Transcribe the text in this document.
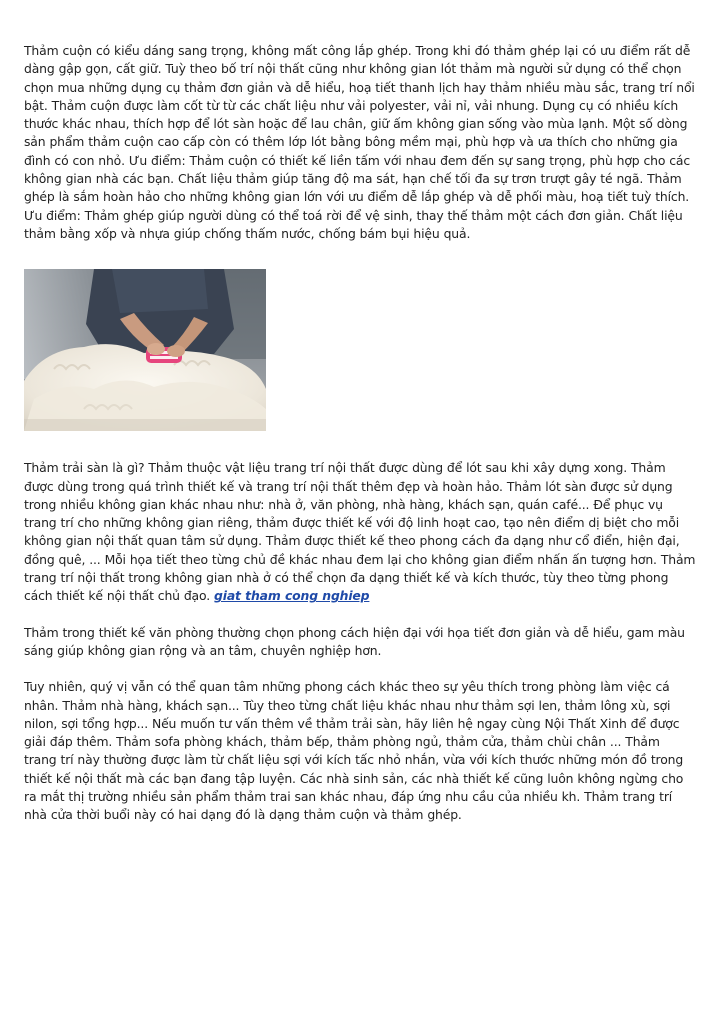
Thảm cuộn có kiểu dáng sang trọng, không mất công lắp ghép. Trong khi đó thảm ghép lại có ưu điểm rất dễ dàng gập gọn, cất giữ. Tuỳ theo bố trí nội thất cũng như không gian lót thảm mà người sử dụng có thể chọn chọn mua những dụng cụ thảm đơn giản và dễ hiểu, hoạ tiết thanh lịch hay thảm nhiều màu sắc, trang trí nổi bật. Thảm cuộn được làm cốt từ từ các chất liệu như vải polyester, vải nỉ, vải nhung. Dụng cụ có nhiều kích thước khác nhau, thích hợp để lót sàn hoặc để lau chân, giữ ấm không gian sống vào mùa lạnh. Một số dòng sản phẩm thảm cuộn cao cấp còn có thêm lớp lót bằng bông mềm mại, phù hợp và ưa thích cho những gia đình có con nhỏ. Ưu điểm: Thảm cuộn có thiết kế liền tấm với nhau đem đến sự sang trọng, phù hợp cho các không gian nhà các bạn. Chất liệu thảm giúp tăng độ ma sát, hạn chế tối đa sự trơn trượt gây té ngã. Thảm ghép là sắm hoàn hảo cho những không gian lớn với ưu điểm dễ lắp ghép và dễ phối màu, hoạ tiết tuỳ thích. Ưu điểm: Thảm ghép giúp người dùng có thể toá rời để vệ sinh, thay thế thảm một cách đơn giản. Chất liệu thảm bằng xốp và nhựa giúp chống thấm nước, chống bám bụi hiệu quả.

Thảm trải sàn là gì? Thảm thuộc vật liệu trang trí nội thất được dùng để lót sau khi xây dựng xong. Thảm được dùng trong quá trình thiết kế và trang trí nội thất thêm đẹp và hoàn hảo. Thảm lót sàn được sử dụng trong nhiều không gian khác nhau như: nhà ở, văn phòng, nhà hàng, khách sạn, quán café... Để phục vụ trang trí cho những không gian riêng, thảm được thiết kế với độ linh hoạt cao, tạo nên điểm dị biệt cho mỗi không gian nội thất quan tâm sử dụng. Thảm được thiết kế theo phong cách đa dạng như cổ điển, hiện đại, đồng quê, ... Mỗi họa tiết theo từng chủ đề khác nhau đem lại cho không gian điểm nhấn ấn tượng hơn. Thảm trang trí nội thất trong không gian nhà ở có thể chọn đa dạng thiết kế và kích thước, tùy theo từng phong cách thiết kế nội thất chủ đạo. giat tham cong nghiep

Thảm trong thiết kế văn phòng thường chọn phong cách hiện đại với họa tiết đơn giản và dễ hiểu, gam màu sáng giúp không gian rộng và an tâm, chuyên nghiệp hơn.

Tuy nhiên, quý vị vẫn có thể quan tâm những phong cách khác theo sự yêu thích trong phòng làm việc cá nhân. Thảm nhà hàng, khách sạn... Tùy theo từng chất liệu khác nhau như thảm sợi len, thảm lông xù, sợi nilon, sợi tổng hợp... Nếu muốn tư vấn thêm về thảm trải sàn, hãy liên hệ ngay cùng Nội Thất Xinh để được giải đáp thêm. Thảm sofa phòng khách, thảm bếp, thảm phòng ngủ, thảm cửa, thảm chùi chân ... Thảm trang trí này thường được làm từ chất liệu sợi với kích tấc nhỏ nhắn, vừa với kích thước những món đồ trong thiết kế nội thất mà các bạn đang tập luyện. Các nhà sinh sản, các nhà thiết kế cũng luôn không ngừng cho ra mắt thị trường nhiều sản phẩm thảm trai san khác nhau, đáp ứng nhu cầu của nhiều kh. Thảm trang trí nhà cửa thời buổi này có hai dạng đó là dạng thảm cuộn và thảm ghép.
